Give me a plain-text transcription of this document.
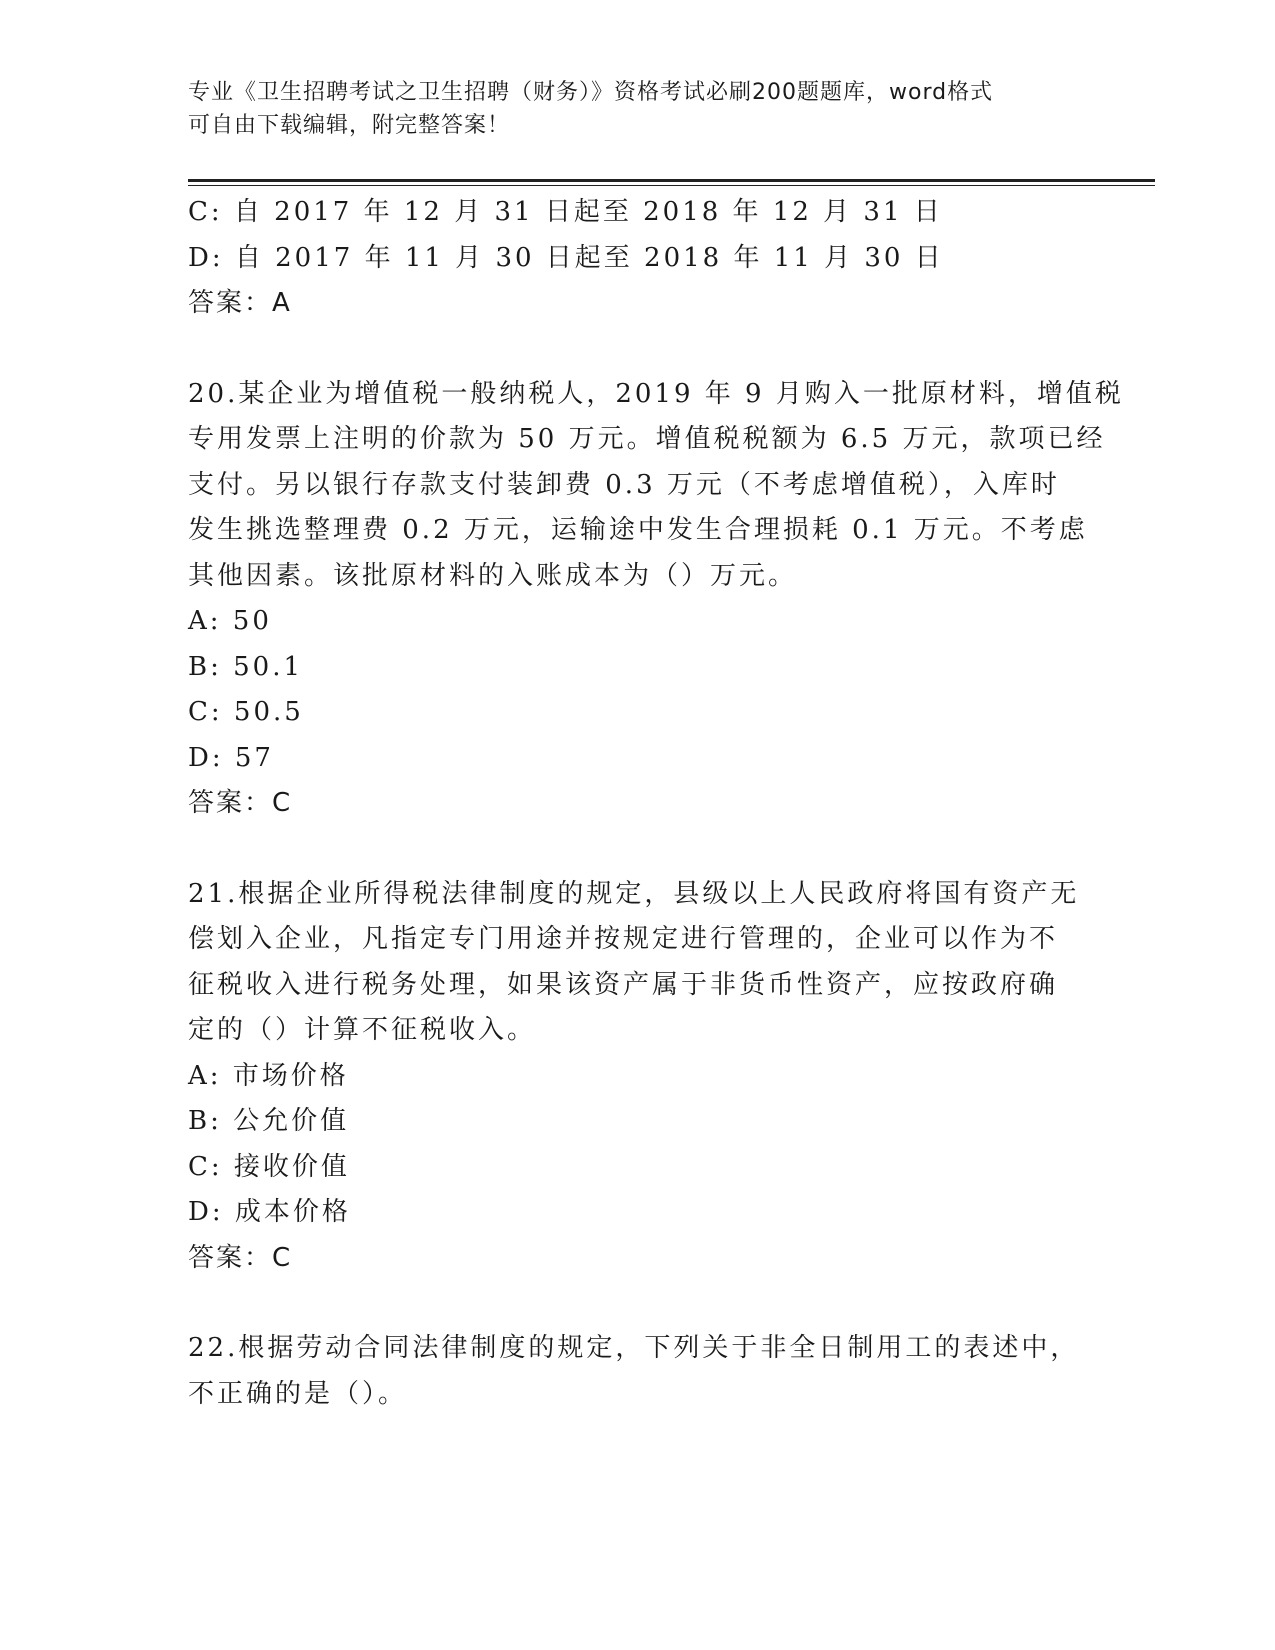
专业《卫生招聘考试之卫生招聘（财务）》资格考试必刷200题题库，word格式
可自由下载编辑，附完整答案！
C: 自 2017 年 12 月 31 日起至 2018 年 12 月 31 日
D: 自 2017 年 11 月 30 日起至 2018 年 11 月 30 日
答案：A
20.某企业为增值税一般纳税人，2019 年 9 月购入一批原材料，增值税
专用发票上注明的价款为 50 万元。增值税税额为 6.5 万元，款项已经
支付。另以银行存款支付装卸费 0.3 万元（不考虑增值税），入库时
发生挑选整理费 0.2 万元，运输途中发生合理损耗 0.1 万元。不考虑
其他因素。该批原材料的入账成本为（）万元。
A: 50
B: 50.1
C: 50.5
D: 57
答案：C
21.根据企业所得税法律制度的规定，县级以上人民政府将国有资产无
偿划入企业，凡指定专门用途并按规定进行管理的，企业可以作为不
征税收入进行税务处理，如果该资产属于非货币性资产，应按政府确
定的（）计算不征税收入。
A: 市场价格
B: 公允价值
C: 接收价值
D: 成本价格
答案：C
22.根据劳动合同法律制度的规定，下列关于非全日制用工的表述中，
不正确的是（）。
